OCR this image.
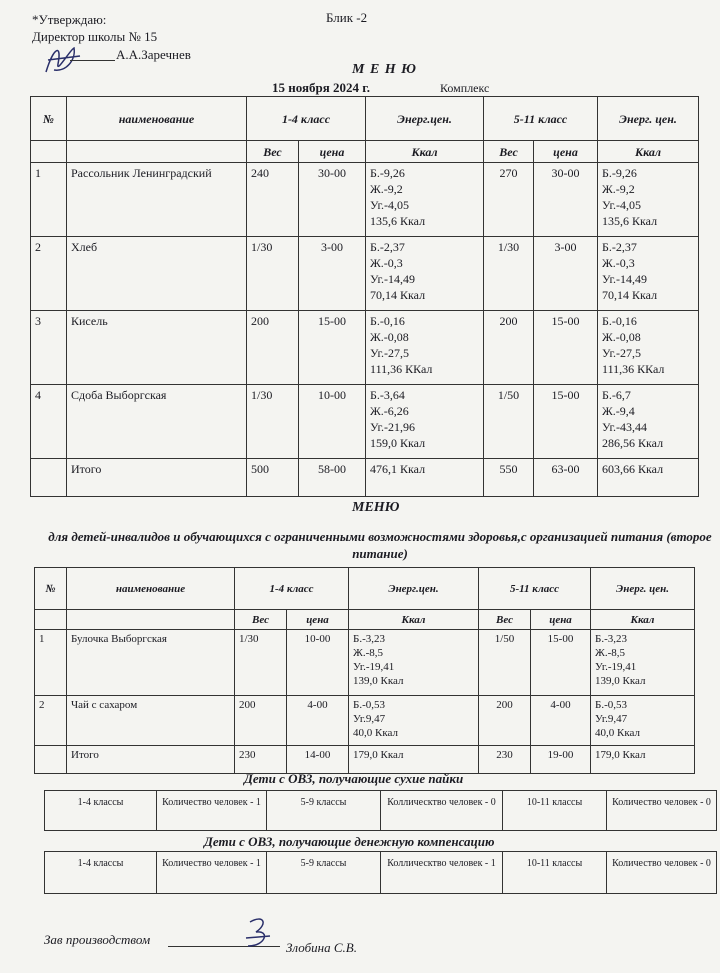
*Утверждаю:	Блик -2
Директор школы № 15
А.А.Заречнев
М Е Н Ю
15 ноября 2024 г.	Комплекс
№	наименование	1-4 класс		Энерг.цен.	5-11 класс		Энерг. цен.
		Вес	цена	Ккал	Вес	цена	Ккал
1	Рассольник Ленинградский	240	30-00	Б.-9,26
Ж.-9,2
Уг.-4,05
135,6 Ккал	270	30-00	Б.-9,26
Ж.-9,2
Уг.-4,05
135,6 Ккал
2	Хлеб	1/30	3-00	Б.-2,37
Ж.-0,3
Уг.-14,49
70,14 Ккал	1/30	3-00	Б.-2,37
Ж.-0,3
Уг.-14,49
70,14 Ккал
3	Кисель	200	15-00	Б.-0,16
Ж.-0,08
Уг.-27,5
111,36 ККал	200	15-00	Б.-0,16
Ж.-0,08
Уг.-27,5
111,36 ККал
4	Сдоба Выборгская	1/30	10-00	Б.-3,64
Ж.-6,26
Уг.-21,96
159,0 Ккал	1/50	15-00	Б.-6,7
Ж.-9,4
Уг.-43,44
286,56 Ккал
	Итого	500	58-00	476,1 Ккал	550	63-00	603,66 Ккал
МЕНЮ
для детей-инвалидов и обучающихся с ограниченными возможностями здоровья,с организацией питания (второе питание)
№	наименование	1-4 класс		Энерг.цен.	5-11 класс		Энерг. цен.
		Вес	цена	Ккал	Вес	цена	Ккал
1	Булочка Выборгская	1/30	10-00	Б.-3,23
Ж.-8,5
Уг.-19,41
139,0 Ккал	1/50	15-00	Б.-3,23
Ж.-8,5
Уг.-19,41
139,0 Ккал
2	Чай с сахаром	200	4-00	Б.-0,53
Уг.9,47
40,0 Ккал	200	4-00	Б.-0,53
Уг.9,47
40,0 Ккал
	Итого	230	14-00	179,0 Ккал	230	19-00	179,0 Ккал
Дети с ОВЗ, получающие сухие пайки
1-4 классы	Количество человек - 1	5-9 классы	Коллическтво человек - 0	10-11 классы	Количество человек - 0
Дети с ОВЗ, получающие денежную компенсацию
1-4 классы	Количество человек - 1	5-9 классы	Коллическтво человек - 1	10-11 классы	Количество человек - 0
Зав производством
Злобина С.В.
